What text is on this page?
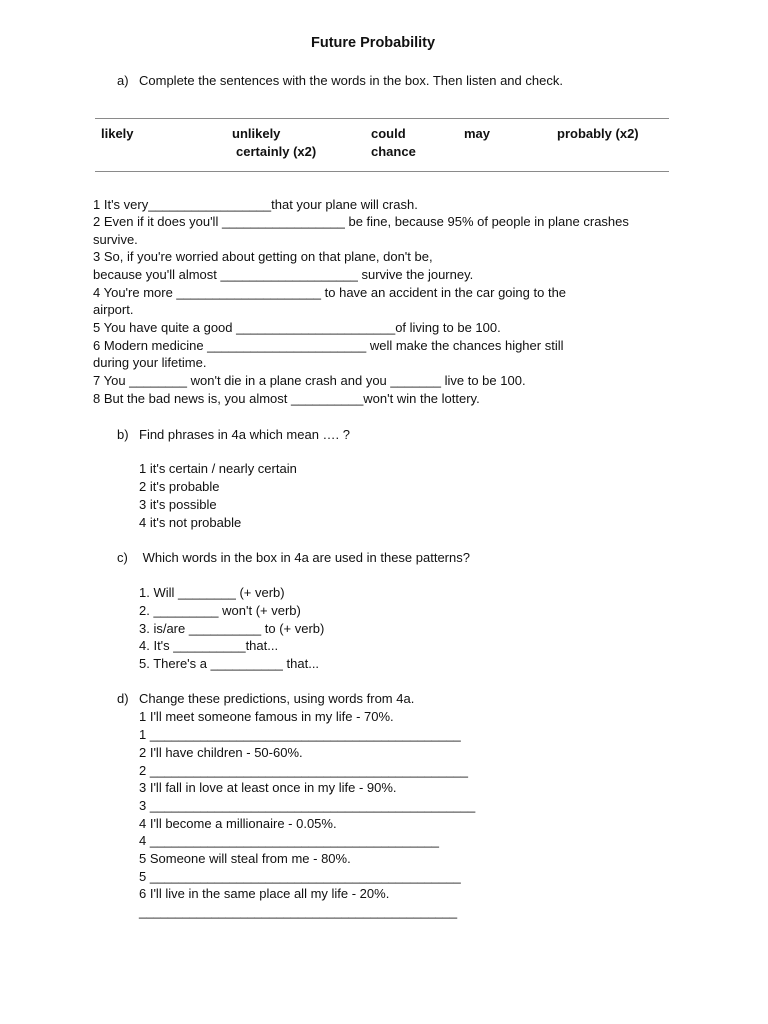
Future Probability
a) Complete the sentences with the words in the box. Then listen and check.
likely	unlikely	could	may	probably (x2)
certainly (x2)	chance
1 It's very_________________that your plane will crash.
2 Even if it does you'll _________________ be fine, because 95% of people in plane crashes
survive.
3 So, if you're worried about getting on that plane, don't be,
because you'll almost ___________________ survive the journey.
4 You're more ____________________ to have an accident in the car going to the
airport.
5 You have quite a good ______________________of living to be 100.
6 Modern medicine ______________________ well make the chances higher still
during your lifetime.
7 You ________ won't die in a plane crash and you _______ live to be 100.
8 But the bad news is, you almost __________won't win the lottery.
b) Find phrases in 4a which mean …. ?
1 it's certain / nearly certain
2 it's probable
3 it's possible
4 it's not probable
c) Which words in the box in 4a are used in these patterns?
1. Will ________ (+ verb)
2. _________ won't (+ verb)
3. is/are __________ to (+ verb)
4. It's __________that...
5. There's a __________ that...
d) Change these predictions, using words from 4a.
1 I'll meet someone famous in my life - 70%.
1 ___________________________________________
2 I'll have children - 50-60%.
2 ____________________________________________
3 I'll fall in love at least once in my life - 90%.
3 _____________________________________________
4 I'll become a millionaire - 0.05%.
4 ________________________________________
5 Someone will steal from me - 80%.
5 ___________________________________________
6 I'll live in the same place all my life - 20%.
____________________________________________
